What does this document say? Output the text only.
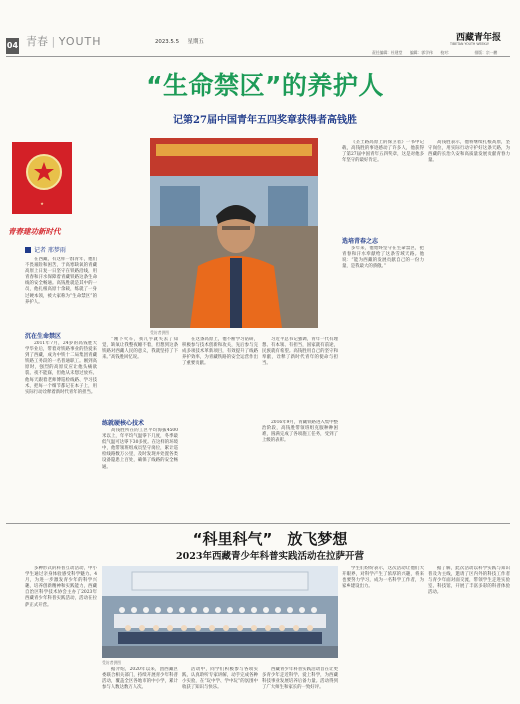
04 青春 | YOUTH	2023.5.5 星期五	西藏青年报
TIBETAN YOUTH WEEKLY
责任编辑：杜建堂　　编辑：郭学伟　　校对：　　　　　　排版：宗一鹏
“生命禁区”的养护人
记第27届中国青年五四奖章获得者高钱胜
★
青春建功新时代
记者 邢梦雨
在西藏，有这样一群青年，他们不畏艰险和困苦，于高寒缺氧的青藏高原上日复一日坚守在铁路沿线，用青春和汗水保障着青藏铁路这条生命线的安全畅通。高钱胜就是其中的一员，他扎根高原十余载，练就了一身过硬本领，被大家称为“生命禁区”的养护人。
沉在生命禁区
2011年7月，24岁的高钱胜大学毕业后，带着对铁路事业的热爱来到了西藏，成为中铁十二局集团青藏铁路工务段的一名普通职工。刚到高原时，强烈的高原反应让他头痛欲裂、夜不能寐，但他从未想过放弃。他每天跟着老师傅巡检线路、学习技术，把每一个细节都记在本子上，用实际行动诠释着新时代青年的担当。
受访者供图
“刚下火车，我几乎就失去了知觉，缺氧让我整夜睡不着，但想到这条铁路对西藏人民的意义，我就坚持了下来。”高钱胜回忆说。
练就硬核心技术
高钱胜所在的工区平均海拔4500米以上，年平均气温零下几度，冬季最低气温可达零下30多度。在这样的环境中，他带领班组成员坚守岗位，累计巡检线路数万公里，及时发现并处置各类设备隐患上百处，确保了线路的安全畅通。
在这条高原上，他不断学习钻研，积极参与技术创新和攻关，先后参与完成多项技术革新项目，有效提升了线路养护效率，为青藏铁路的安全运营作出了重要贡献。
习近平总书记强调，青年一代有理想、有本领、有担当，国家就有前途，民族就有希望。高钱胜用自己的坚守和奉献，诠释了新时代青年的使命与担当。
2016年9月，青藏铁路进入集中整治阶段，高钱胜带领班组克服种种困难，圆满完成了各项施工任务，受到了上级的表彰。
《圣土路高原上的保卫者》一书中记载，高钱胜的事迹感动了许多人，他获得了第27届中国青年五四奖章，这是对他多年坚守的最好肯定。
选培青春之志
多年来，他始终坚守在生命禁区，把青春和汗水奉献给了这条雪域天路。他说：“能为西藏的发展贡献自己的一份力量，是我最大的骄傲。”
高钱胜表示，他将继续扎根高原，坚守岗位，用实际行动守护好这条天路，为西藏的长治久安和高质量发展贡献青春力量。
“科里科气”　放飞梦想
2023年西藏青少年科普实践活动在拉萨开营
多种形式的科普互动活动，中小学生通过亲身体验感受科学魅力。4月，为进一步激发青少年的科学兴趣，培养创新精神和实践能力，西藏自治区科学技术协会主办了2023年西藏青少年科普实践活动，活动在拉萨正式开营。
据了解，此次活动以科学实践与知识普及为主线，邀请了区内外的科技工作者与青少年面对面交流，带领学生走进实验室、科技馆，开展了丰富多彩的科普体验活动。
受访者供图
据介绍，2020年以来，团西藏区委联合相关部门，持续开展青少年科普活动，覆盖全区各地市的中小学，累计参与人数达数万人次。
活动中，同学们积极参与各项实践，认真聆听专家讲解，动手完成各种小实验，在“玩中学、学中玩”的氛围中收获了知识与快乐。
西藏青少年科普实践活动旨在让更多青少年走近科学、爱上科学，为西藏科技事业发展培养后备力量。活动得到了广大师生和家长的一致好评。
学生们纷纷表示，这次活动让他们大开眼界，对科学产生了浓厚的兴趣，将来也要努力学习，成为一名科学工作者，为家乡建设出力。
